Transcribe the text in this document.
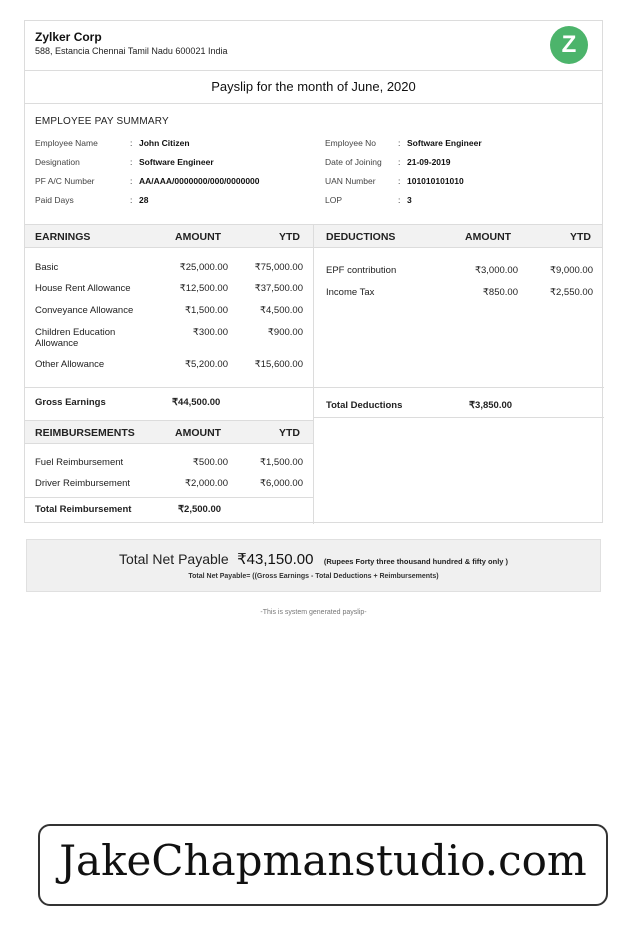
Zylker Corp
588, Estancia Chennai Tamil Nadu 600021 India	Z
Payslip for the month of June, 2020
EMPLOYEE PAY SUMMARY
Employee Name	: John Citizen
Designation	: Software Engineer
PF A/C Number	: AA/AAA/0000000/000/0000000
Paid Days	: 28
Employee No	: Software Engineer
Date of Joining : 21-09-2019
UAN Number	: 101010101010
LOP	: 3
EARNINGS	AMOUNT	YTD DEDUCTIONS	AMOUNT	YTD
Basic	₹25,000.00	₹75,000.00
House Rent Allowance	₹12,500.00	₹37,500.00
Conveyance Allowance	₹1,500.00	₹4,500.00
Children Education
Allowance
₹300.00	₹900.00
Other Allowance	₹5,200.00	₹15,600.00
EPF contribution	₹3,000.00	₹9,000.00
Income Tax	₹850.00	₹2,550.00
Gross Earnings	₹44,500.00	Total Deductions	₹3,850.00
REIMBURSEMENTS	AMOUNT	YTD
Fuel Reimbursement	₹500.00	₹1,500.00
Driver Reimbursement	₹2,000.00	₹6,000.00
Total Reimbursement	₹2,500.00
Total Net Payable ₹43,150.00 (Rupees Forty three thousand hundred & fifty only )
Total Net Payable= ((Gross Earnings - Total Deductions + Reimbursements)
-This is system generated payslip-
JakeChapmanstudio.com
